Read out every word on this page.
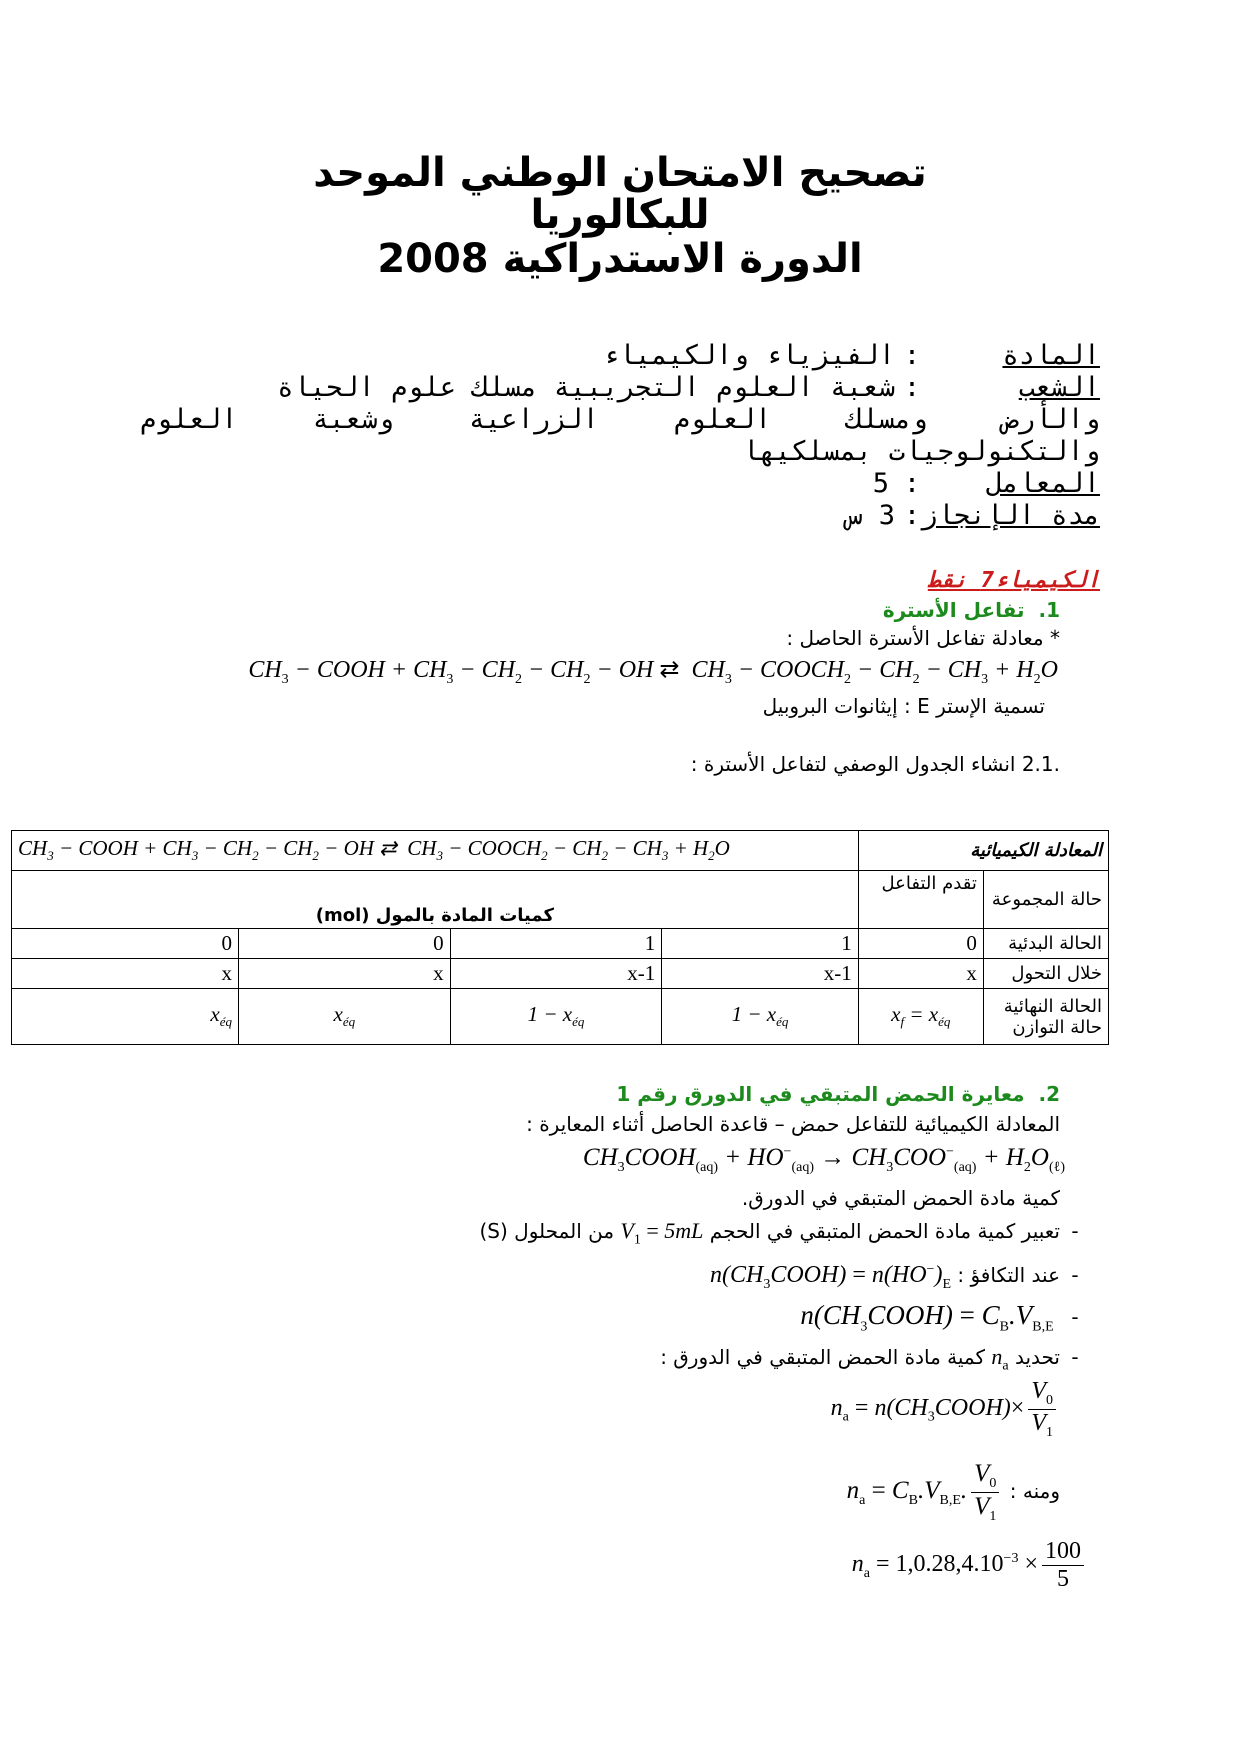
تصحيح الامتحان الوطني الموحد
للبكالوريا
الدورة الاستدراكية 2008
المادة:الفيزياء والكيمياء
الشعب:شعبة العلوم التجريبية مسلك علوم الحياة
والأرض ومسلك العلوم الزراعية وشعبة العلوم
والتكنولوجيات بمسلكيها
المعامل:5
مدة الإنجاز:3 س
الكيمياء7 نقط
1.  تفاعل الأسترة
* معادلة تفاعل الأسترة الحاصل :
$CH_3$ − COOH + $CH_3 - CH_2 - CH_2$ − OH ⇄  $CH_3$ − $COOCH_2 - CH_2 - CH_3 + H_2O$
تسمية الإستر E : إيثانوات البروبيل
.2.1 انشاء الجدول الوصفي لتفاعل الأسترة :
المعادلة الكيميائية		$CH_3$ − COOH + $CH_3 - CH_2 - CH_2$ − OH ⇄  $CH_3$ − $COOCH_2 - CH_2 - CH_3 + H_2O$			
حالة المجموعة	تقدم التفاعل	كميات المادة بالمول (mol)			
الحالة البدئية	0	1	1	0	0
خلال التحول	x	1-x	1-x	x	x
الحالة النهائية
حالة التوازن	$x_f = x_{éq}$	$1 - x_{éq}$	$1 - x_{éq}$	$x_{éq}$	$x_{éq}$
2.  معايرة الحمض المتبقي في الدورق رقم 1
المعادلة الكيميائية للتفاعل حمض – قاعدة الحاصل أثناء المعايرة :
$CH_3COOH_{(aq)} + HO^-_{(aq)} \to CH_3COO^-_{(aq)} + H_2O_{(\ell)}$
كمية مادة الحمض المتبقي في الدورق.
-تعبير كمية مادة الحمض المتبقي في الحجم $V_1 = 5mL$ من المحلول (S)
-عند التكافؤ : $n(CH_3COOH) = n(HO^-)_E$
- $n(CH_3COOH) = C_B.V_{B,E}$
-تحديد $n_a$ كمية مادة الحمض المتبقي في الدورق :
$n_a$ = $n(CH_3COOH)\times \frac{V_0}{V_1}$
ومنه : $n_a = C_B.V_{B,E}$. $\frac{V_0}{V_1}$
$n_a = 1,0.28,4.10^{-3} \times \frac{100}{5}$
